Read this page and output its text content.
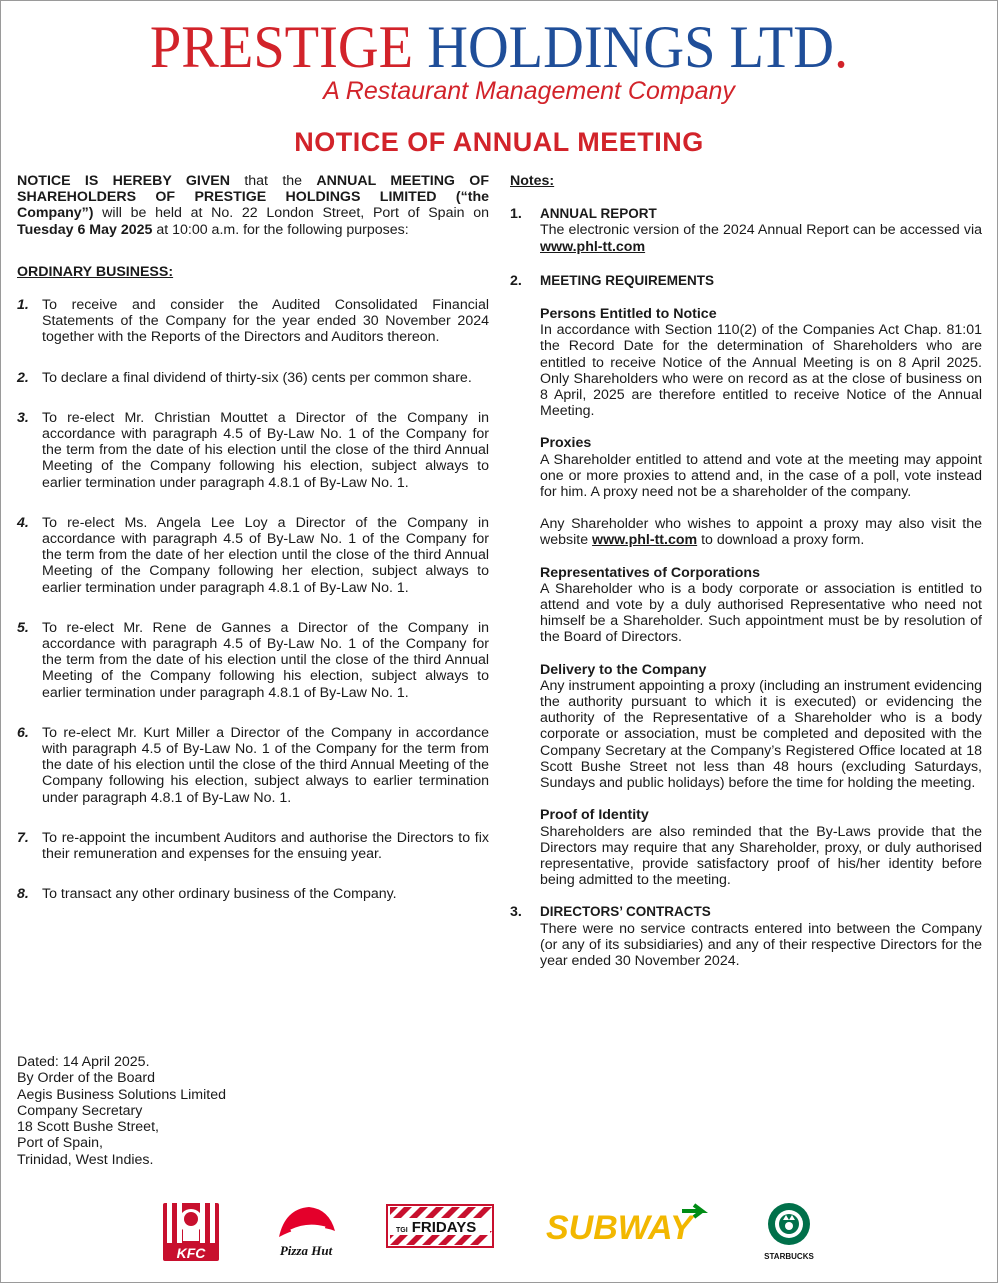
PRESTIGE HOLDINGS LTD.
A Restaurant Management Company
NOTICE OF ANNUAL MEETING

NOTICE IS HEREBY GIVEN that the ANNUAL MEETING OF SHAREHOLDERS OF PRESTIGE HOLDINGS LIMITED (“the Company”) will be held at No. 22 London Street, Port of Spain on Tuesday 6 May 2025 at 10:00 a.m. for the following purposes:

ORDINARY BUSINESS:
1. To receive and consider the Audited Consolidated Financial Statements of the Company for the year ended 30 November 2024 together with the Reports of the Directors and Auditors thereon.
2. To declare a final dividend of thirty-six (36) cents per common share.
3. To re-elect Mr. Christian Mouttet a Director of the Company in accordance with paragraph 4.5 of By-Law No. 1 of the Company for the term from the date of his election until the close of the third Annual Meeting of the Company following his election, subject always to earlier termination under paragraph 4.8.1 of By-Law No. 1.
4. To re-elect Ms. Angela Lee Loy a Director of the Company in accordance with paragraph 4.5 of By-Law No. 1 of the Company for the term from the date of her election until the close of the third Annual Meeting of the Company following her election, subject always to earlier termination under paragraph 4.8.1 of By-Law No. 1.
5. To re-elect Mr. Rene de Gannes a Director of the Company in accordance with paragraph 4.5 of By-Law No. 1 of the Company for the term from the date of his election until the close of the third Annual Meeting of the Company following his election, subject always to earlier termination under paragraph 4.8.1 of By-Law No. 1.
6. To re-elect Mr. Kurt Miller a Director of the Company in accordance with paragraph 4.5 of By-Law No. 1 of the Company for the term from the date of his election until the close of the third Annual Meeting of the Company following his election, subject always to earlier termination under paragraph 4.8.1 of By-Law No. 1.
7. To re-appoint the incumbent Auditors and authorise the Directors to fix their remuneration and expenses for the ensuing year.
8. To transact any other ordinary business of the Company.
Notes:
1.	ANNUAL REPORT

The electronic version of the 2024 Annual Report can be accessed via www.phl-tt.com

2.	MEETING REQUIREMENTS
Persons Entitled to Notice

In accordance with Section 110(2) of the Companies Act Chap. 81:01 the Record Date for the determination of Shareholders who are entitled to receive Notice of the Annual Meeting is on 8 April 2025. Only Shareholders who were on record as at the close of business on 8 April, 2025 are therefore entitled to receive Notice of the Annual Meeting.

Proxies

A Shareholder entitled to attend and vote at the meeting may appoint one or more proxies to attend and, in the case of a poll, vote instead for him. A proxy need not be a shareholder of the company.

Any Shareholder who wishes to appoint a proxy may also visit the website www.phl-tt.com to download a proxy form.

Representatives of Corporations

A Shareholder who is a body corporate or association is entitled to attend and vote by a duly authorised Representative who need not himself be a Shareholder. Such appointment must be by resolution of the Board of Directors.

Delivery to the Company

Any instrument appointing a proxy (including an instrument evidencing the authority pursuant to which it is executed) or evidencing the authority of the Representative of a Shareholder who is a body corporate or association, must be completed and deposited with the Company Secretary at the Company’s Registered Office located at 18 Scott Bushe Street not less than 48 hours (excluding Saturdays, Sundays and public holidays) before the time for holding the meeting.

Proof of Identity

Shareholders are also reminded that the By-Laws provide that the Directors may require that any Shareholder, proxy, or duly authorised representative, provide satisfactory proof of his/her identity before being admitted to the meeting.

3.	DIRECTORS’ CONTRACTS

There were no service contracts entered into between the Company (or any of its subsidiaries) and any of their respective Directors for the year ended 30 November 2024.

Dated: 14 April 2025.
By Order of the Board
Aegis Business Solutions Limited
Company Secretary
18 Scott Bushe Street,
Port of Spain,
Trinidad, West Indies.
KFC	Pizza Hut
TGI FRIDAYS SUBWAY
STARBUCKS
